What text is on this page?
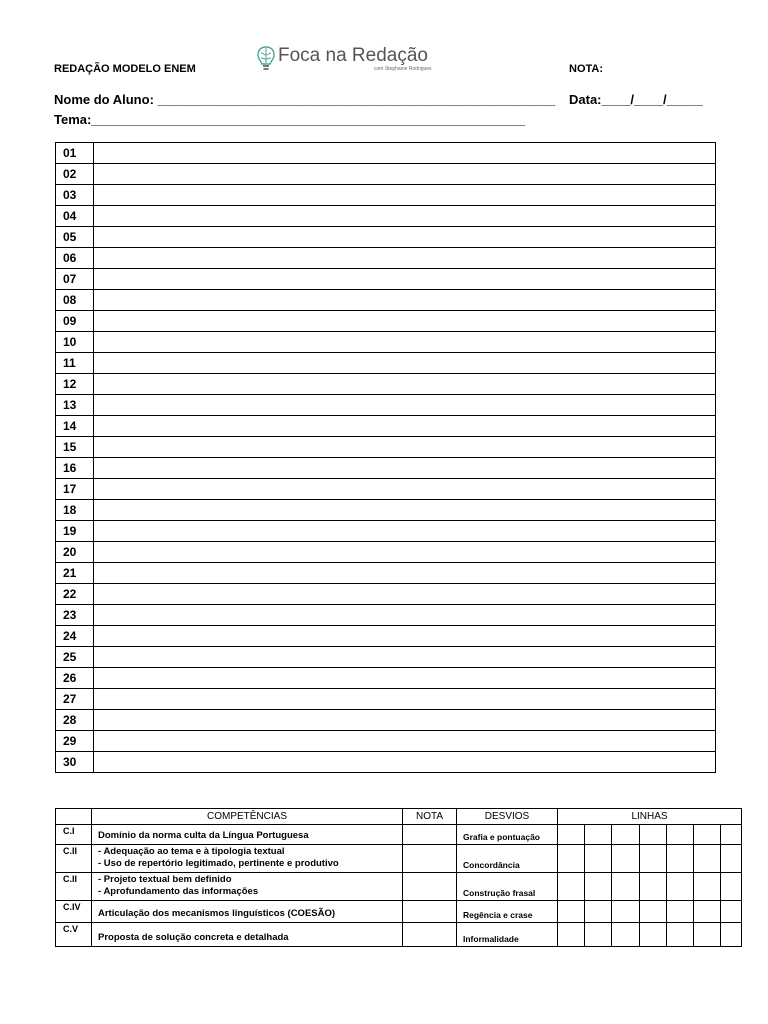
REDAÇÃO MODELO ENEM
Foca na Redação
com Stephanie Rodrigues	NOTA:
Nome do Aluno: _______________________________________________________ Data:____/____/_____
Tema:____________________________________________________________
01	
02	
03	
04	
05	
06	
07	
08	
09	
10	
11	
12	
13	
14	
15	
16	
17	
18	
19	
20	
21	
22	
23	
24	
25	
26	
27	
28	
29	
30	
	COMPETÊNCIAS	NOTA	DESVIOS	LINHAS						
C.I	Domínio da norma culta da Língua Portuguesa		Grafia e pontuação							
C.II	- Adequação ao tema e à tipologia textual
- Uso de repertório legitimado, pertinente e produtivo		Concordância							
C.II	- Projeto textual bem definido
- Aprofundamento das informações		Construção frasal							
C.IV	Articulação dos mecanismos linguísticos (COESÃO)		Regência e crase							
C.V	Proposta de solução concreta e detalhada		Informalidade							
